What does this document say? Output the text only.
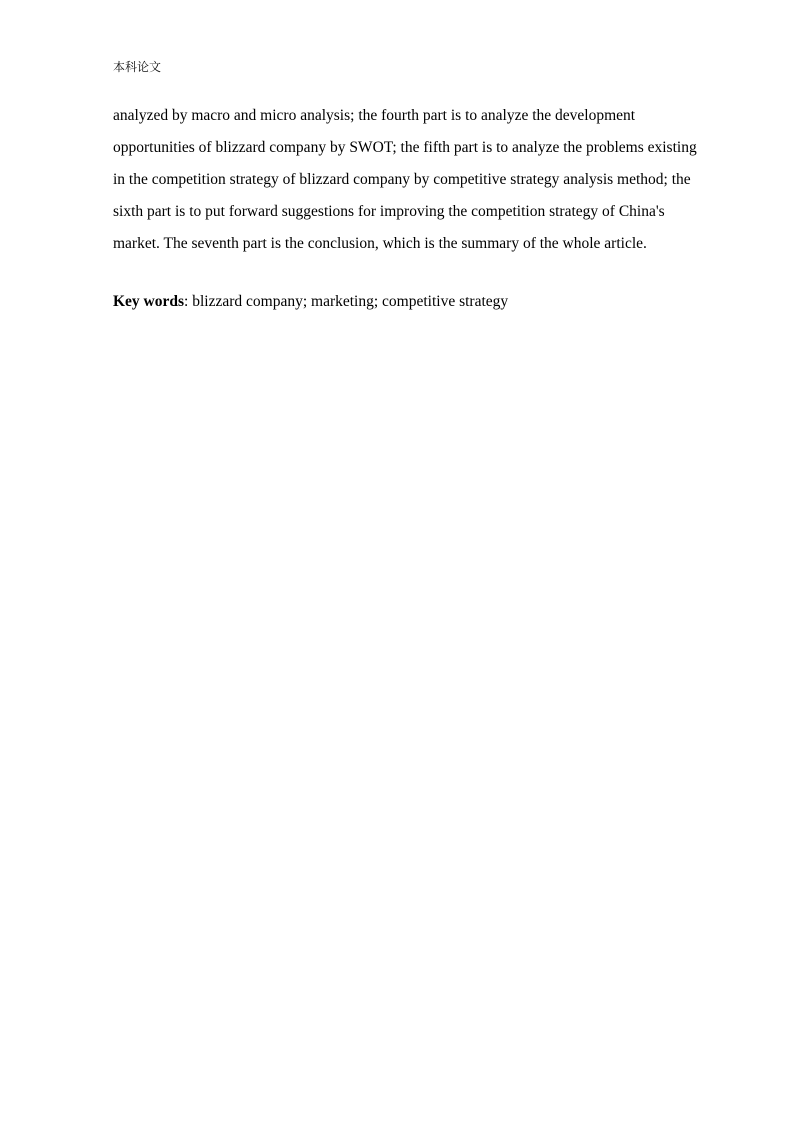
本科论文
analyzed by macro and micro analysis; the fourth part is to analyze the development
opportunities of blizzard company by SWOT; the fifth part is to analyze the problems existing
in the competition strategy of blizzard company by competitive strategy analysis method; the
sixth part is to put forward suggestions for improving the competition strategy of China's
market. The seventh part is the conclusion, which is the summary of the whole article.
Key words: blizzard company; marketing; competitive strategy
